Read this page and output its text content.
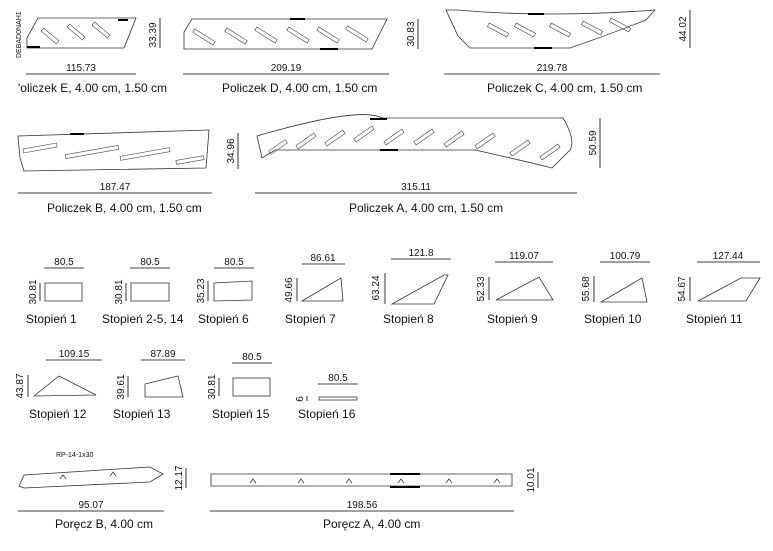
DEBAD0NAH1	33.39
115.73
'oliczek E, 4.00 cm, 1.50 cm
30.83
209.19
Policzek D, 4.00 cm, 1.50 cm
44.02
219.78
Policzek C, 4.00 cm, 1.50 cm
34.96
187.47
Policzek B, 4.00 cm, 1.50 cm
50.59
315.11
Policzek A, 4.00 cm, 1.50 cm
80.5
30.81
Stopień 1
80.5
30.81
Stopień 2-5, 14
80.5
35.23
Stopień 6
86.61
49.66
Stopień 7
121.8
63.24
Stopień 8
119.07
52.33
Stopień 9
100.79
55.68
Stopień 10
127.44
54.67
Stopień 11
109.15
43.87
Stopień 12
87.89
39.61
Stopień 13
80.5
30.81
Stopień 15
80.5
6
Stopień 16
RP-14-1x30
12.17
95.07
Poręcz B, 4.00 cm
10.01
198.56
Poręcz A, 4.00 cm
